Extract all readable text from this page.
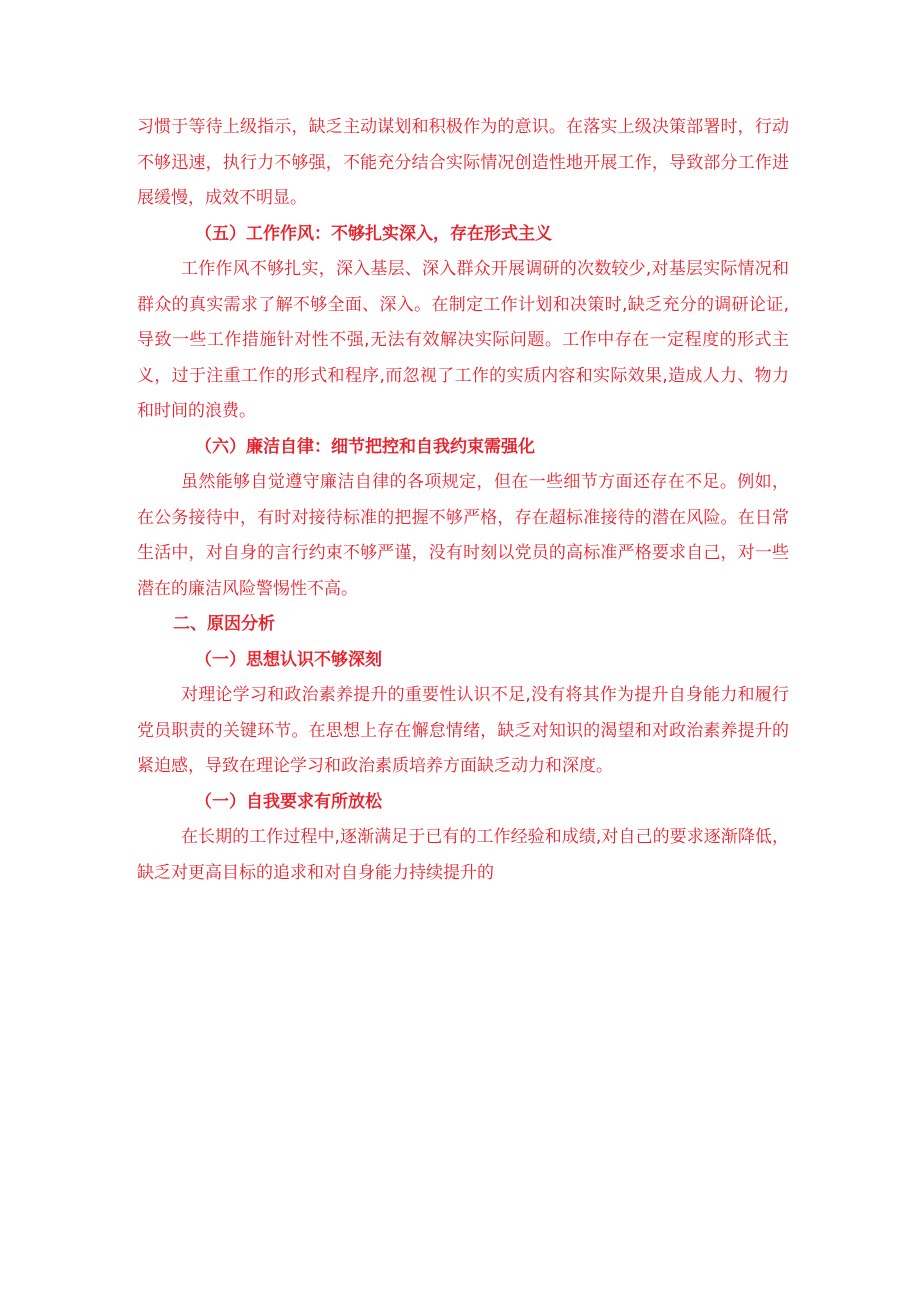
习惯于等待上级指示，缺乏主动谋划和积极作为的意识。在落实上级决策部署时，行动不够迅速，执行力不够强，不能充分结合实际情况创造性地开展工作，导致部分工作进展缓慢，成效不明显。

（五）工作作风：不够扎实深入，存在形式主义

工作作风不够扎实，深入基层、深入群众开展调研的次数较少,对基层实际情况和群众的真实需求了解不够全面、深入。在制定工作计划和决策时,缺乏充分的调研论证,导致一些工作措施针对性不强,无法有效解决实际问题。工作中存在一定程度的形式主义，过于注重工作的形式和程序,而忽视了工作的实质内容和实际效果,造成人力、物力和时间的浪费。

（六）廉洁自律：细节把控和自我约束需强化

虽然能够自觉遵守廉洁自律的各项规定，但在一些细节方面还存在不足。例如，在公务接待中，有时对接待标准的把握不够严格，存在超标准接待的潜在风险。在日常生活中，对自身的言行约束不够严谨，没有时刻以党员的高标准严格要求自己，对一些潜在的廉洁风险警惕性不高。

二、原因分析

（一）思想认识不够深刻

对理论学习和政治素养提升的重要性认识不足,没有将其作为提升自身能力和履行党员职责的关键环节。在思想上存在懈怠情绪，缺乏对知识的渴望和对政治素养提升的紧迫感，导致在理论学习和政治素质培养方面缺乏动力和深度。

（一）自我要求有所放松

在长期的工作过程中,逐渐满足于已有的工作经验和成绩,对自己的要求逐渐降低，缺乏对更高目标的追求和对自身能力持续提升的
